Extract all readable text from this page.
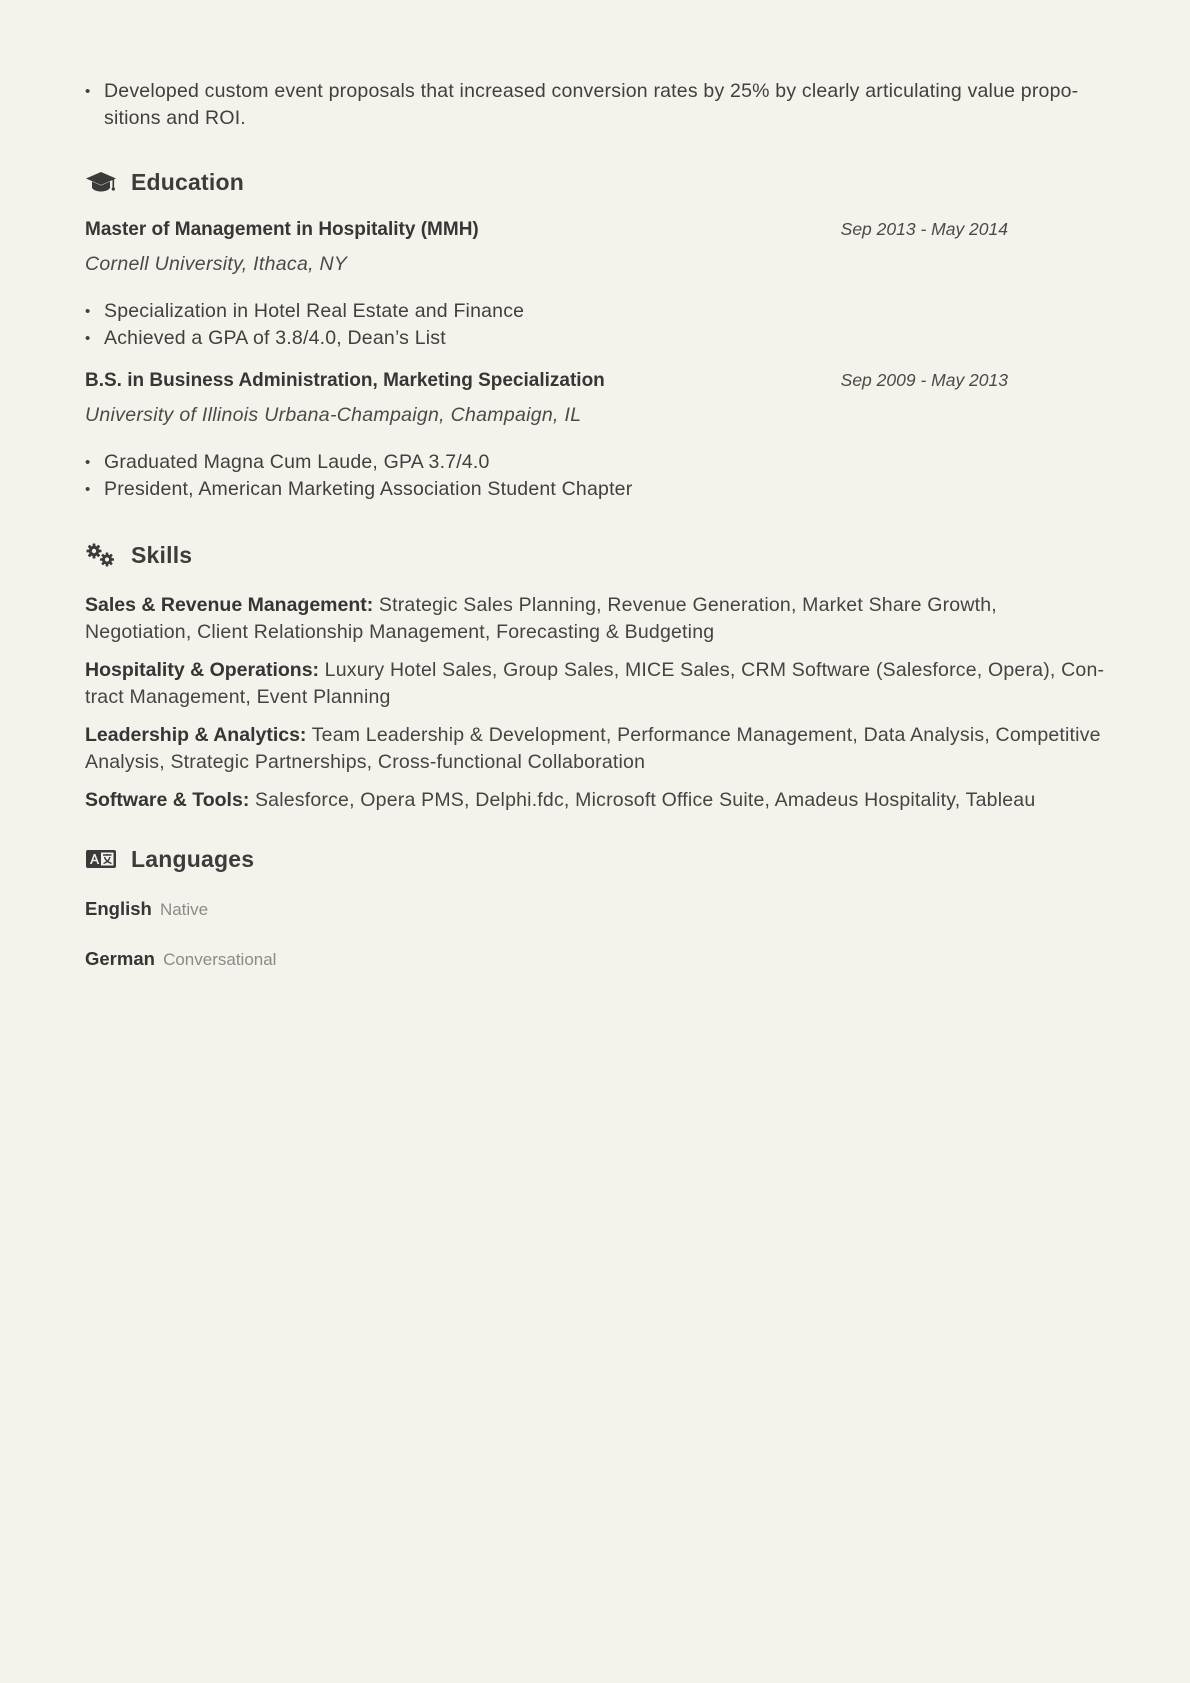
• Developed custom event proposals that increased conversion rates by 25% by clearly articulating value propo- sitions and ROI.
Education
Master of Management in Hospitality (MMH)	Sep 2013 - May 2014
Cornell University, Ithaca, NY
• Specialization in Hotel Real Estate and Finance
• Achieved a GPA of 3.8/4.0, Dean’s List
B.S. in Business Administration, Marketing Specialization	Sep 2009 - May 2013
University of Illinois Urbana-Champaign, Champaign, IL
• Graduated Magna Cum Laude, GPA 3.7/4.0
• President, American Marketing Association Student Chapter
Skills
Sales & Revenue Management: Strategic Sales Planning, Revenue Generation, Market Share Growth, Negotiation, Client Relationship Management, Forecasting & Budgeting
Hospitality & Operations: Luxury Hotel Sales, Group Sales, MICE Sales, CRM Software (Salesforce, Opera), Con- tract Management, Event Planning
Leadership & Analytics: Team Leadership & Development, Performance Management, Data Analysis, Competitive Analysis, Strategic Partnerships, Cross-functional Collaboration
Software & Tools: Salesforce, Opera PMS, Delphi.fdc, Microsoft Office Suite, Amadeus Hospitality, Tableau
Languages
English Native
German Conversational
